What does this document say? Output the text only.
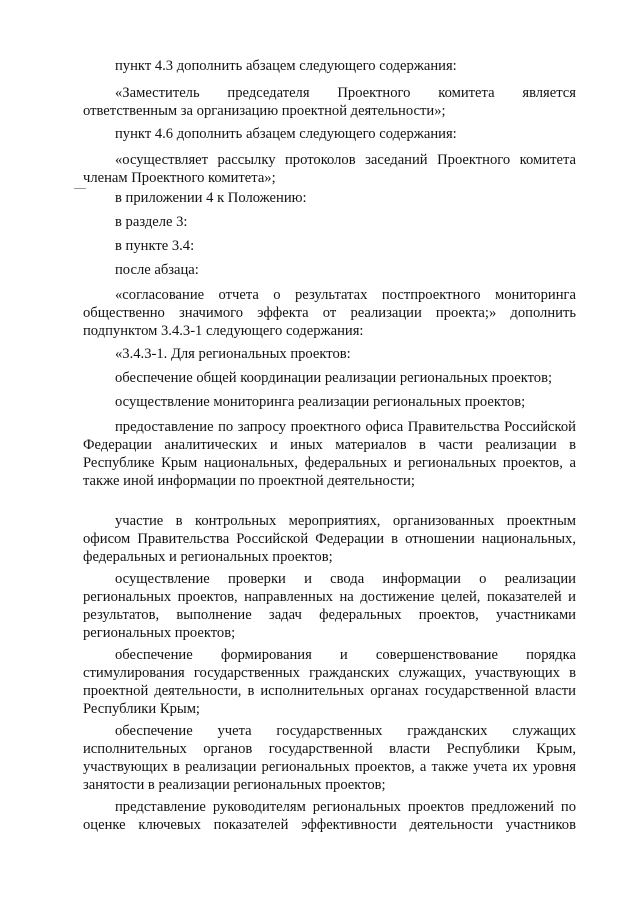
пункт 4.3 дополнить абзацем следующего содержания:

«Заместитель председателя Проектного комитета является ответственным за организацию проектной деятельности»;

пункт 4.6 дополнить абзацем следующего содержания:

«осуществляет рассылку протоколов заседаний Проектного комитета членам Проектного комитета»;

в приложении 4 к Положению:

в разделе 3:

в пункте 3.4:

после абзаца:

«согласование отчета о результатах постпроектного мониторинга общественно значимого эффекта от реализации проекта;» дополнить подпунктом 3.4.3-1 следующего содержания:

«3.4.3-1. Для региональных проектов:

обеспечение общей координации реализации региональных проектов;

осуществление мониторинга реализации региональных проектов;

предоставление по запросу проектного офиса Правительства Российской Федерации аналитических и иных материалов в части реализации в Республике Крым национальных, федеральных и региональных проектов, а также иной информации по проектной деятельности;

участие в контрольных мероприятиях, организованных проектным офисом Правительства Российской Федерации в отношении национальных, федеральных и региональных проектов;

осуществление проверки и свода информации о реализации региональных проектов, направленных на достижение целей, показателей и результатов, выполнение задач федеральных проектов, участниками региональных проектов;

обеспечение формирования и совершенствование порядка стимулирования государственных гражданских служащих, участвующих в проектной деятельности, в исполнительных органах государственной власти Республики Крым;

обеспечение учета государственных гражданских служащих исполнительных органов государственной власти Республики Крым, участвующих в реализации региональных проектов, а также учета их уровня занятости в реализации региональных проектов;

представление руководителям региональных проектов предложений по оценке ключевых показателей эффективности деятельности участников
